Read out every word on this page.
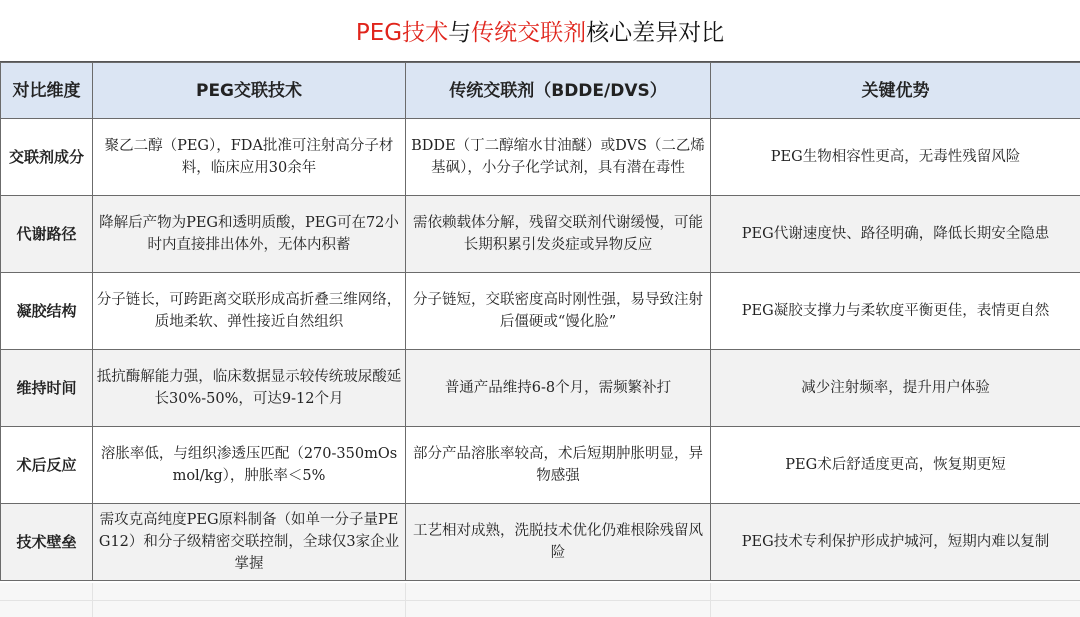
PEG技术 与 传统交联剂 核心差异对比
对比维度	PEG交联技术	传统交联剂（BDDE/DVS）	关键优势
交联剂成分	聚乙二醇（PEG），FDA批准可注射高分子材料，临床应用30余年	BDDE（丁二醇缩水甘油醚）或DVS（二乙烯基砜），小分子化学试剂，具有潜在毒性	PEG生物相容性更高，无毒性残留风险
代谢路径	降解后产物为PEG和透明质酸，PEG可在72小时内直接排出体外，无体内积蓄	需依赖载体分解，残留交联剂代谢缓慢，可能长期积累引发炎症或异物反应	PEG代谢速度快、路径明确，降低长期安全隐患
凝胶结构	分子链长，可跨距离交联形成高折叠三维网络，质地柔软、弹性接近自然组织	分子链短，交联密度高时刚性强，易导致注射后僵硬或“馒化脸”	PEG凝胶支撑力与柔软度平衡更佳，表情更自然
维持时间	抵抗酶解能力强，临床数据显示较传统玻尿酸延长30%-50%，可达9-12个月	普通产品维持6-8个月，需频繁补打	减少注射频率，提升用户体验
术后反应	溶胀率低，与组织渗透压匹配（270-350mOsmol/kg），肿胀率＜5%	部分产品溶胀率较高，术后短期肿胀明显，异物感强	PEG术后舒适度更高，恢复期更短
技术壁垒	需攻克高纯度PEG原料制备（如单一分子量PEG12）和分子级精密交联控制，全球仅3家企业掌握	工艺相对成熟，洗脱技术优化仍难根除残留风险	PEG技术专利保护形成护城河，短期内难以复制
